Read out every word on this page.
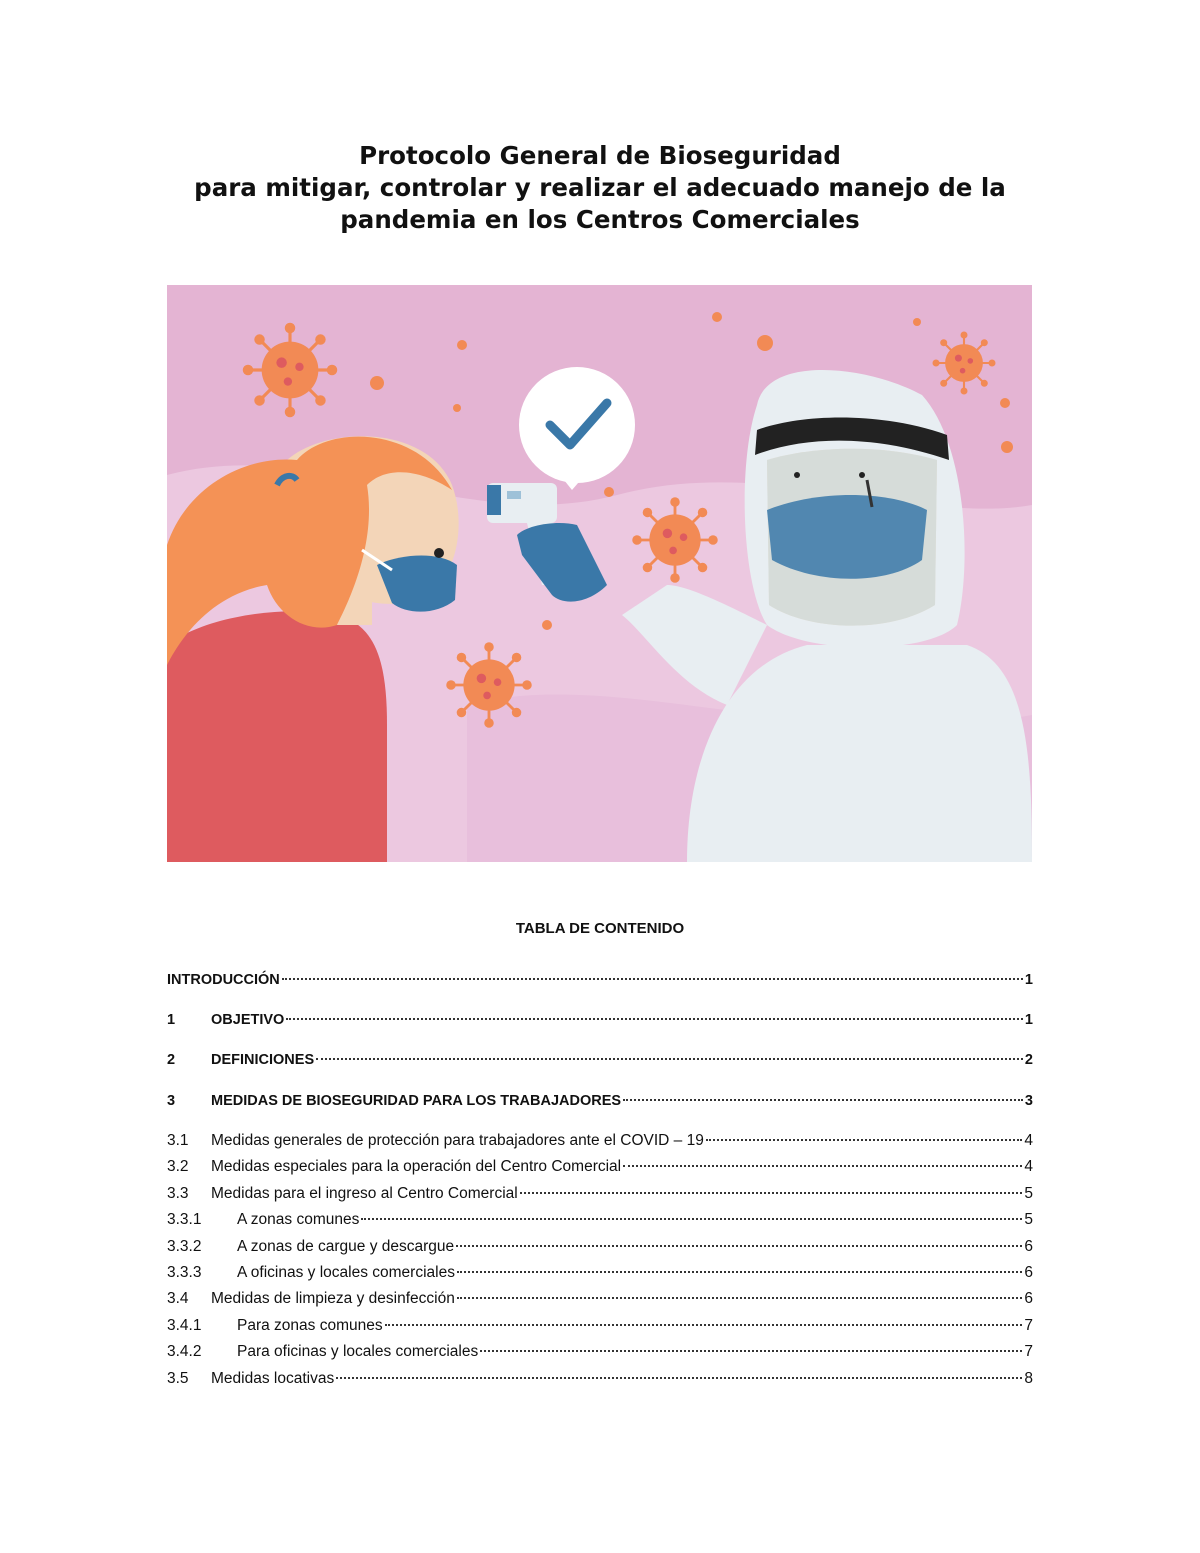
Protocolo General de Bioseguridad
para mitigar, controlar y realizar el adecuado manejo de la
pandemia en los Centros Comerciales
TABLA DE CONTENIDO
INTRODUCCIÓN	1
1	OBJETIVO	1
2	DEFINICIONES	2
3	MEDIDAS DE BIOSEGURIDAD PARA LOS TRABAJADORES	3
3.1	Medidas generales de protección para trabajadores ante el COVID – 19	4
3.2	Medidas especiales para la operación del Centro Comercial	4
3.3	Medidas para el ingreso al Centro Comercial	5
3.3.1	A zonas comunes	5
3.3.2	A zonas de cargue y descargue	6
3.3.3	A oficinas y locales comerciales	6
3.4	Medidas de limpieza y desinfección	6
3.4.1	Para zonas comunes	7
3.4.2	Para oficinas y locales comerciales	7
3.5	Medidas locativas	8
